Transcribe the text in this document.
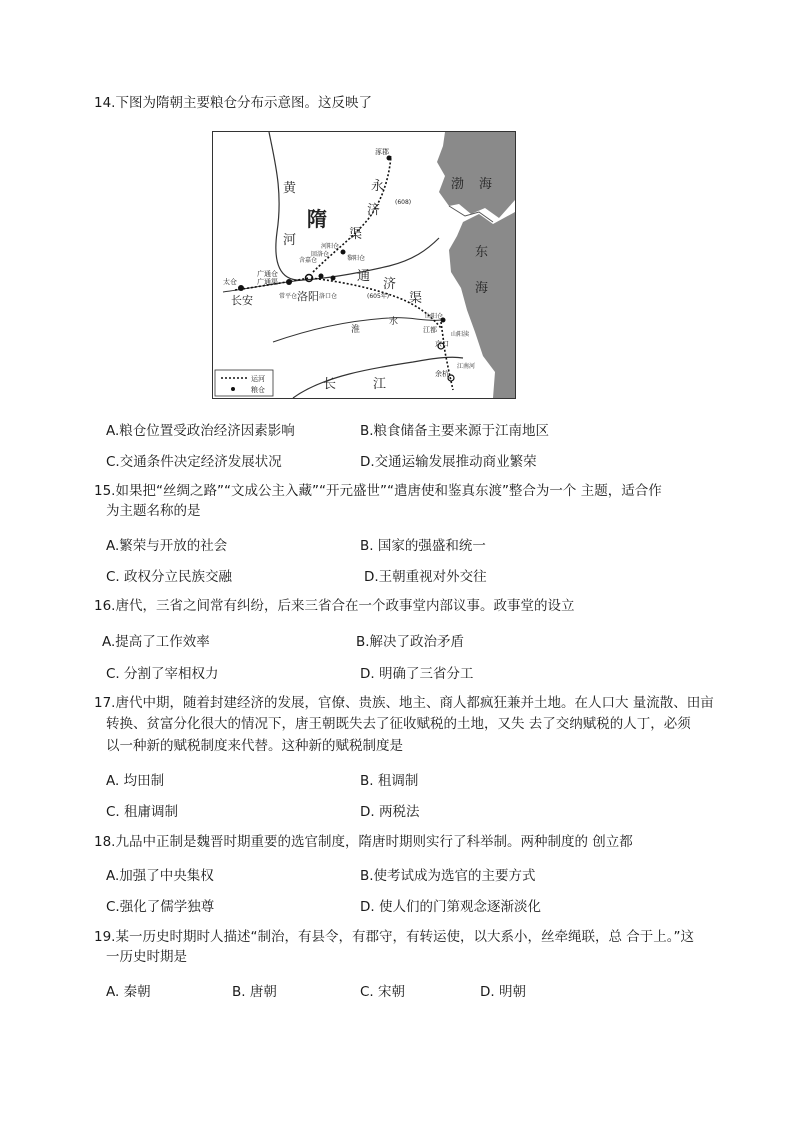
隋
黄
河
长	江
淮
水
永
济
渠
通
济
渠
广通渠
(608)
(605年)
山阳渎
江南河
渤 海
东
海
涿郡
长安	洛阳
江都
京口
余杭
太仓
广通仓
常平仓
含嘉仓
回洛仓
河阳仓
黎阳仓
洛口仓
山阳仓
运河
粮仓
14.下图为隋朝主要粮仓分布示意图。这反映了
A.粮仓位置受政治经济因素影响	B.粮食储备主要来源于江南地区
C.交通条件决定经济发展状况	D.交通运输发展推动商业繁荣
15.如果把“丝绸之路”“文成公主入藏”“开元盛世”“遣唐使和鉴真东渡”整合为一个 主题，适合作
为主题名称的是
A.繁荣与开放的社会	B. 国家的强盛和统一
C. 政权分立民族交融	D.王朝重视对外交往
16.唐代，三省之间常有纠纷，后来三省合在一个政事堂内部议事。政事堂的设立
A.提高了工作效率	B.解决了政治矛盾
C. 分割了宰相权力	D. 明确了三省分工
17.唐代中期，随着封建经济的发展，官僚、贵族、地主、商人都疯狂兼并土地。在人口大 量流散、田亩
转换、贫富分化很大的情况下，唐王朝既失去了征收赋税的土地，又失 去了交纳赋税的人丁，必须
以一种新的赋税制度来代替。这种新的赋税制度是
A. 均田制	B. 租调制
C. 租庸调制	D. 两税法
18.九品中正制是魏晋时期重要的选官制度，隋唐时期则实行了科举制。两种制度的 创立都
A.加强了中央集权	B.使考试成为选官的主要方式
C.强化了儒学独尊	D. 使人们的门第观念逐渐淡化
19.某一历史时期时人描述“制治，有县令，有郡守，有转运使，以大系小，丝牵绳联，总 合于上。”这
一历史时期是
A. 秦朝	B. 唐朝	C. 宋朝	D. 明朝
